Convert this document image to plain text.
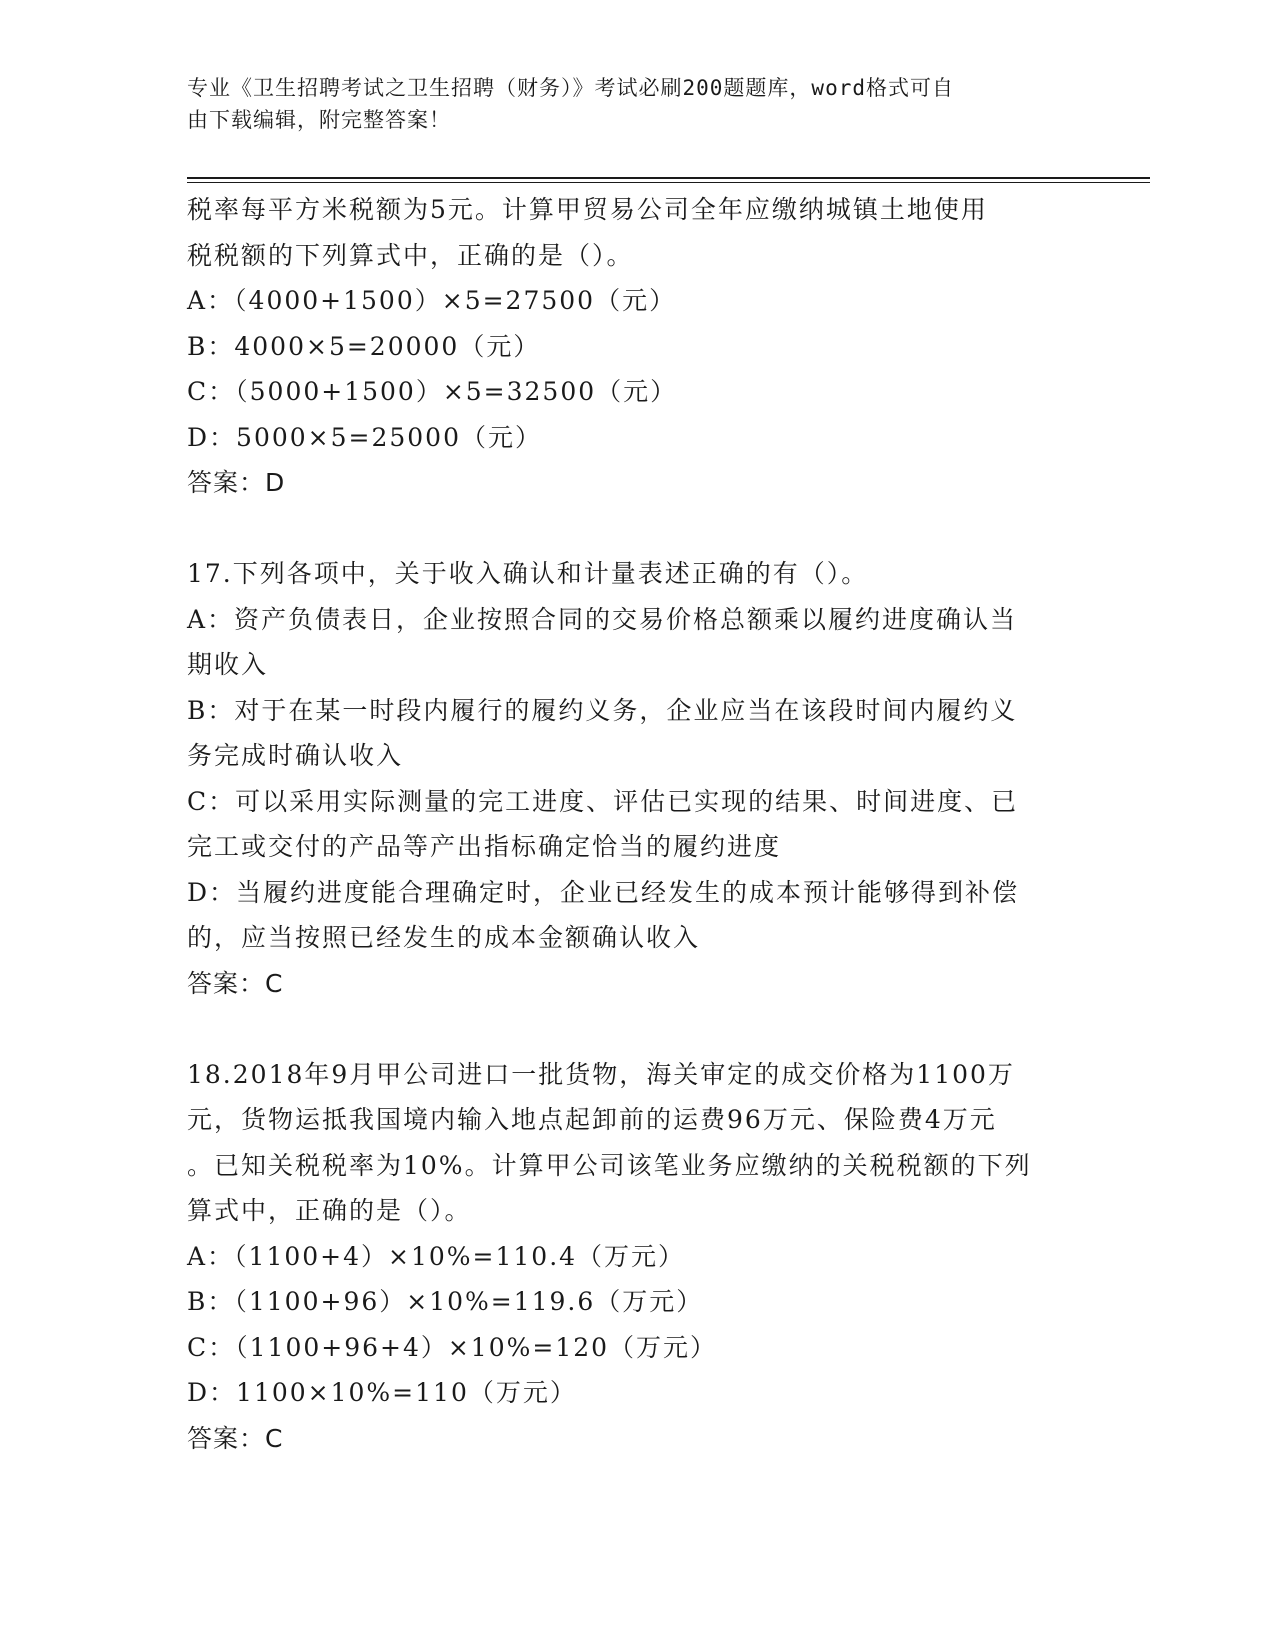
专业《卫生招聘考试之卫生招聘（财务）》考试必刷200题题库，word格式可自
由下载编辑，附完整答案！
税率每平方米税额为5元。计算甲贸易公司全年应缴纳城镇土地使用
税税额的下列算式中，正确的是（）。
A：（4000+1500）×5=27500（元）
B：4000×5=20000（元）
C：（5000+1500）×5=32500（元）
D：5000×5=25000（元）
答案：D
17.下列各项中，关于收入确认和计量表述正确的有（）。
A：资产负债表日，企业按照合同的交易价格总额乘以履约进度确认当
期收入
B：对于在某一时段内履行的履约义务，企业应当在该段时间内履约义
务完成时确认收入
C：可以采用实际测量的完工进度、评估已实现的结果、时间进度、已
完工或交付的产品等产出指标确定恰当的履约进度
D：当履约进度能合理确定时，企业已经发生的成本预计能够得到补偿
的，应当按照已经发生的成本金额确认收入
答案：C
18.2018年9月甲公司进口一批货物，海关审定的成交价格为1100万
元，货物运抵我国境内输入地点起卸前的运费96万元、保险费4万元
。已知关税税率为10%。计算甲公司该笔业务应缴纳的关税税额的下列
算式中，正确的是（）。
A：（1100+4）×10%=110.4（万元）
B：（1100+96）×10%=119.6（万元）
C：（1100+96+4）×10%=120（万元）
D：1100×10%=110（万元）
答案：C
